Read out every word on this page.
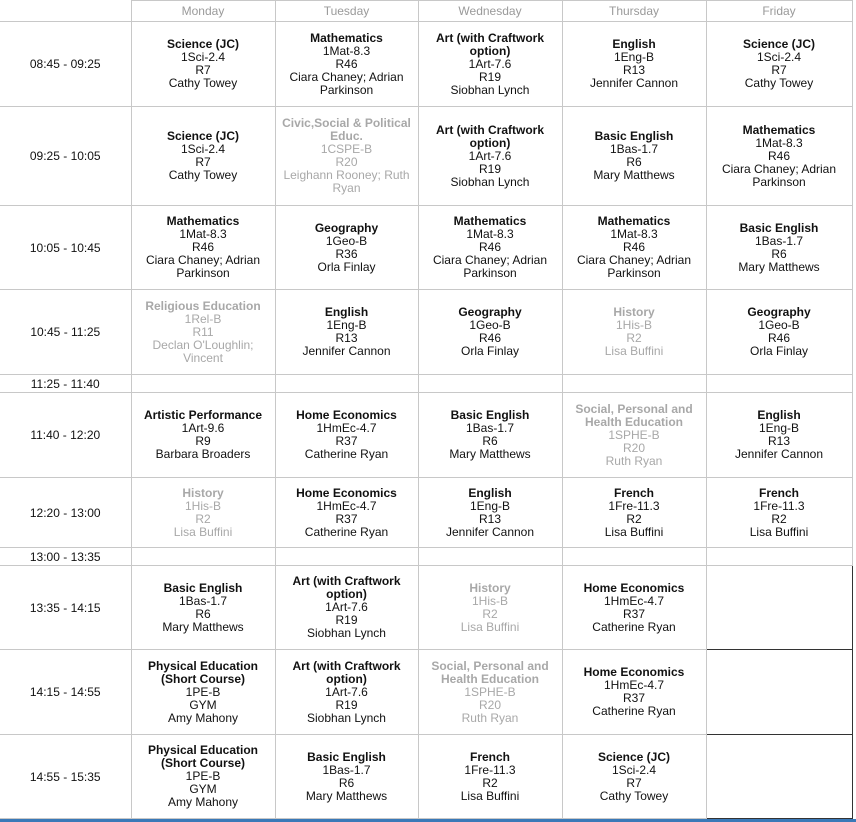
	Monday	Tuesday	Wednesday	Thursday	Friday
08:45 - 09:25	Science (JC)
1Sci-2.4
R7
Cathy Towey	Mathematics
1Mat-8.3
R46
Ciara Chaney; Adrian Parkinson	Art (with Craftwork option)
1Art-7.6
R19
Siobhan Lynch	English
1Eng-B
R13
Jennifer Cannon	Science (JC)
1Sci-2.4
R7
Cathy Towey

09:25 - 10:05	Science (JC)
1Sci-2.4
R7
Cathy Towey	Civic,Social & Political Educ.
1CSPE-B
R20
Leighann Rooney; Ruth Ryan	Art (with Craftwork option)
1Art-7.6
R19
Siobhan Lynch	Basic English
1Bas-1.7
R6
Mary Matthews	Mathematics
1Mat-8.3
R46
Ciara Chaney; Adrian Parkinson

10:05 - 10:45	Mathematics
1Mat-8.3
R46
Ciara Chaney; Adrian Parkinson	Geography
1Geo-B
R36
Orla Finlay	Mathematics
1Mat-8.3
R46
Ciara Chaney; Adrian Parkinson	Mathematics
1Mat-8.3
R46
Ciara Chaney; Adrian Parkinson	Basic English
1Bas-1.7
R6
Mary Matthews

10:45 - 11:25	Religious Education
1Rel-B
R11
Declan O'Loughlin; Vincent	English
1Eng-B
R13
Jennifer Cannon	Geography
1Geo-B
R46
Orla Finlay	History
1His-B
R2
Lisa Buffini	Geography
1Geo-B
R46
Orla Finlay

11:25 - 11:40					
11:40 - 12:20	Artistic Performance
1Art-9.6
R9
Barbara Broaders	Home Economics
1HmEc-4.7
R37
Catherine Ryan	Basic English
1Bas-1.7
R6
Mary Matthews	Social, Personal and Health Education
1SPHE-B
R20
Ruth Ryan	English
1Eng-B
R13
Jennifer Cannon

12:20 - 13:00	History
1His-B
R2
Lisa Buffini	Home Economics
1HmEc-4.7
R37
Catherine Ryan	English
1Eng-B
R13
Jennifer Cannon	French
1Fre-11.3
R2
Lisa Buffini	French
1Fre-11.3
R2
Lisa Buffini

13:00 - 13:35					
13:35 - 14:15	Basic English
1Bas-1.7
R6
Mary Matthews	Art (with Craftwork option)
1Art-7.6
R19
Siobhan Lynch	History
1His-B
R2
Lisa Buffini	Home Economics
1HmEc-4.7
R37
Catherine Ryan	

14:15 - 14:55	Physical Education (Short Course)
1PE-B
GYM
Amy Mahony	Art (with Craftwork option)
1Art-7.6
R19
Siobhan Lynch	Social, Personal and Health Education
1SPHE-B
R20
Ruth Ryan	Home Economics
1HmEc-4.7
R37
Catherine Ryan	

14:55 - 15:35	Physical Education (Short Course)
1PE-B
GYM
Amy Mahony	Basic English
1Bas-1.7
R6
Mary Matthews	French
1Fre-11.3
R2
Lisa Buffini	Science (JC)
1Sci-2.4
R7
Cathy Towey	
